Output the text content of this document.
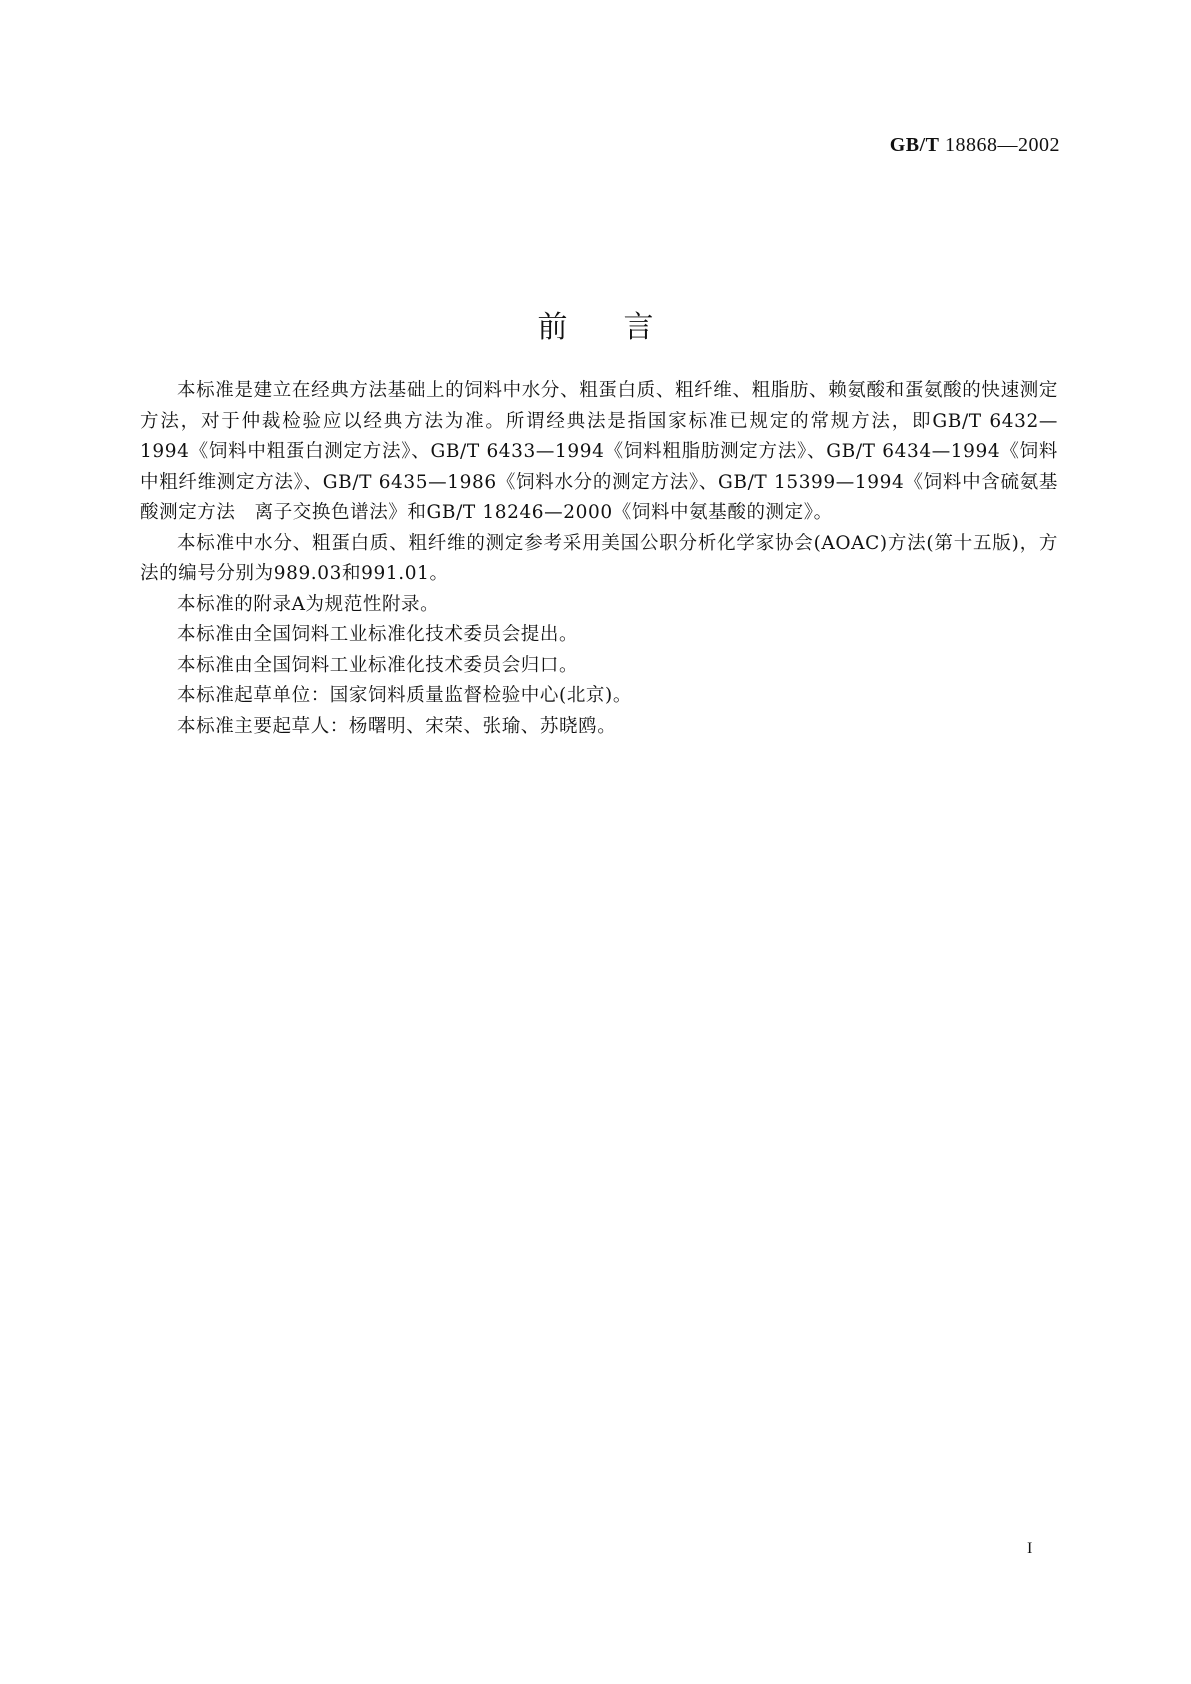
GB/T 18868—2002
前言

本标准是建立在经典方法基础上的饲料中水分、粗蛋白质、粗纤维、粗脂肪、赖氨酸和蛋氨酸的快速测定方法，对于仲裁检验应以经典方法为准。所谓经典法是指国家标准已规定的常规方法，即GB/T 6432—1994《饲料中粗蛋白测定方法》、GB/T 6433—1994《饲料粗脂肪测定方法》、GB/T 6434—1994《饲料中粗纤维测定方法》、GB/T 6435—1986《饲料水分的测定方法》、GB/T 15399—1994《饲料中含硫氨基酸测定方法　离子交换色谱法》和GB/T 18246—2000《饲料中氨基酸的测定》。

本标准中水分、粗蛋白质、粗纤维的测定参考采用美国公职分析化学家协会(AOAC)方法(第十五版)，方法的编号分别为989.03和991.01。

本标准的附录A为规范性附录。

本标准由全国饲料工业标准化技术委员会提出。

本标准由全国饲料工业标准化技术委员会归口。

本标准起草单位：国家饲料质量监督检验中心(北京)。

本标准主要起草人：杨曙明、宋荣、张瑜、苏晓鸥。

I
